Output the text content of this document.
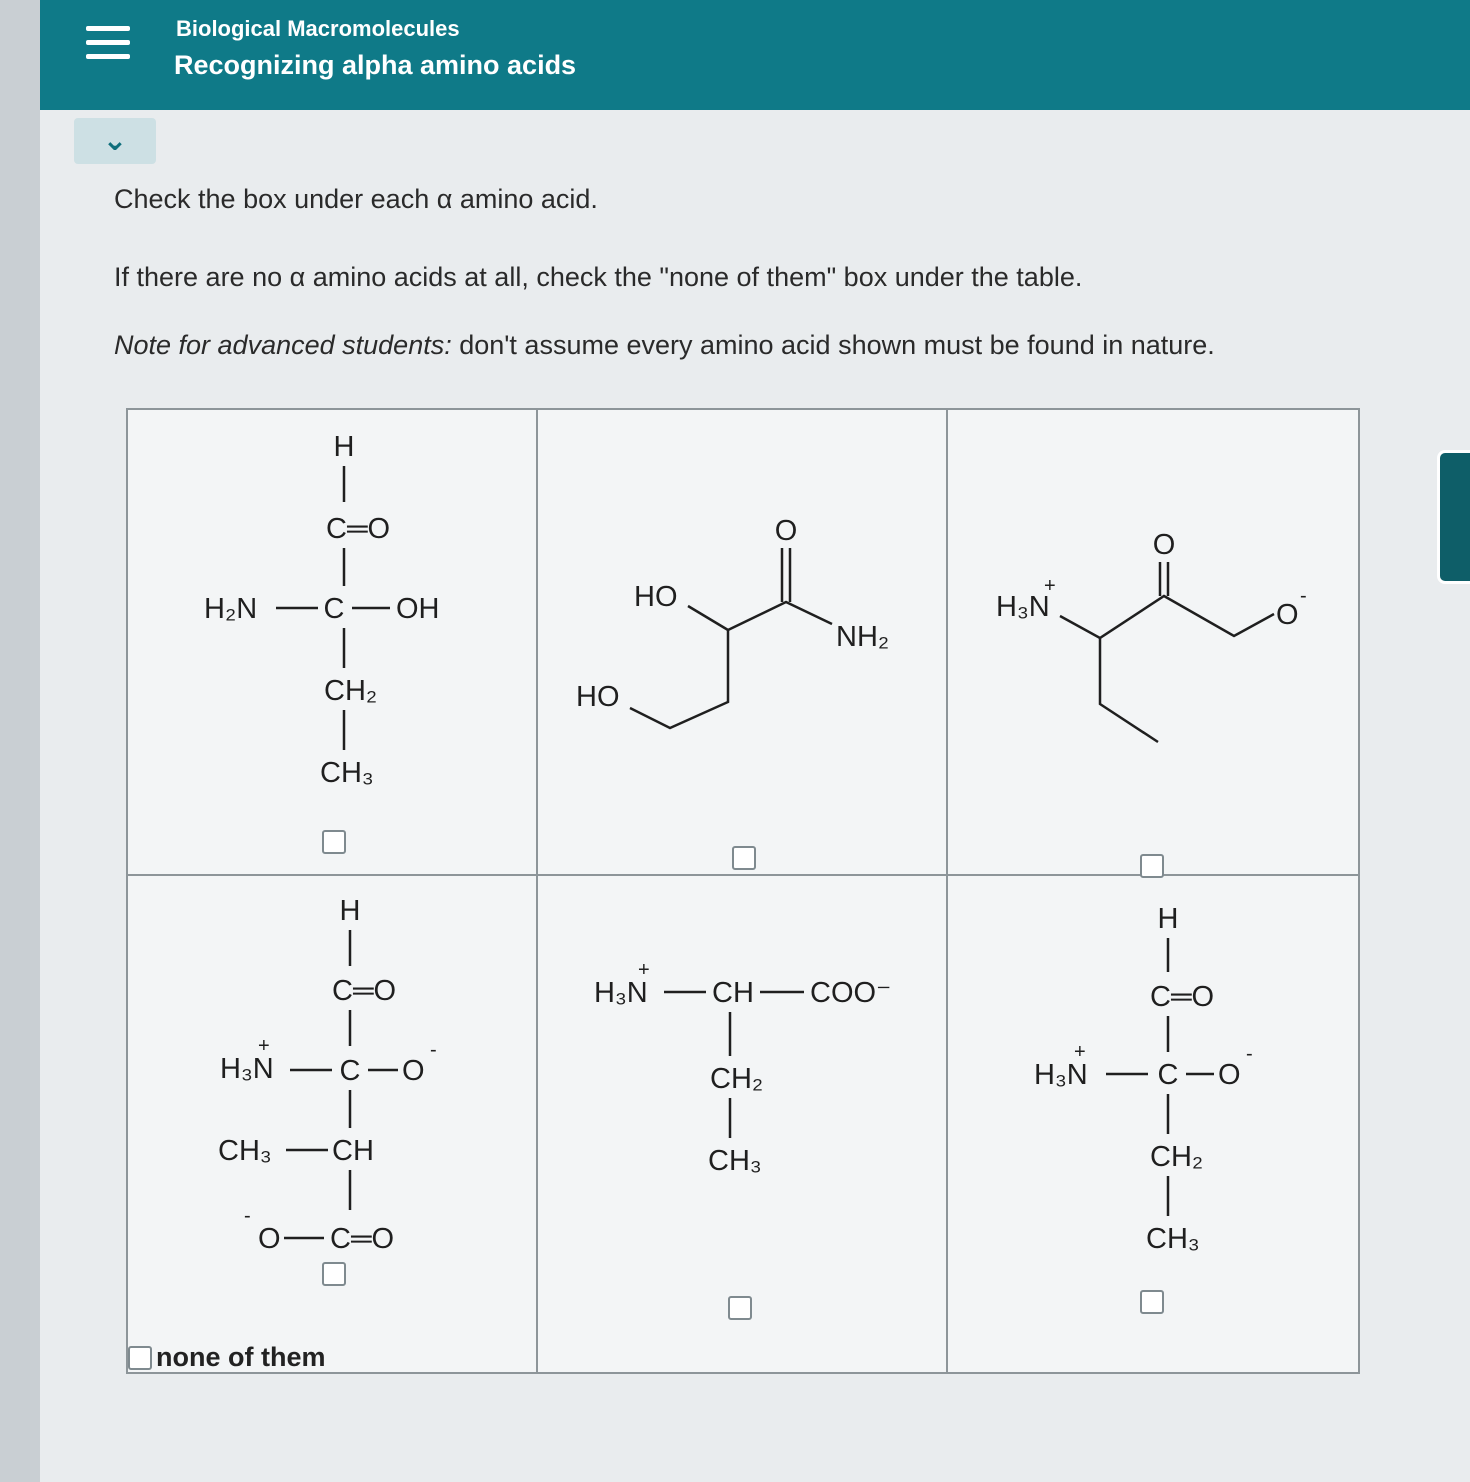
Biological Macromolecules
Recognizing alpha amino acids
⌄
Check the box under each α amino acid.
If there are no α amino acids at all, check the "none of them" box under the table.
Note for advanced students: don't assume every amino acid shown must be found in nature.
H
C═O
H₂N C OH
CH₂
CH₃
O
NH₂
HO
HO
H₃N
+
O
O
-
H
C═O
H₃N
+
C O
-
CH₃ CH
-
O C═O
H₃N
+
CH COO⁻
CH₂
CH₃
H
C═O
H₃N
+
C O
-
CH₂
CH₃
none of them
